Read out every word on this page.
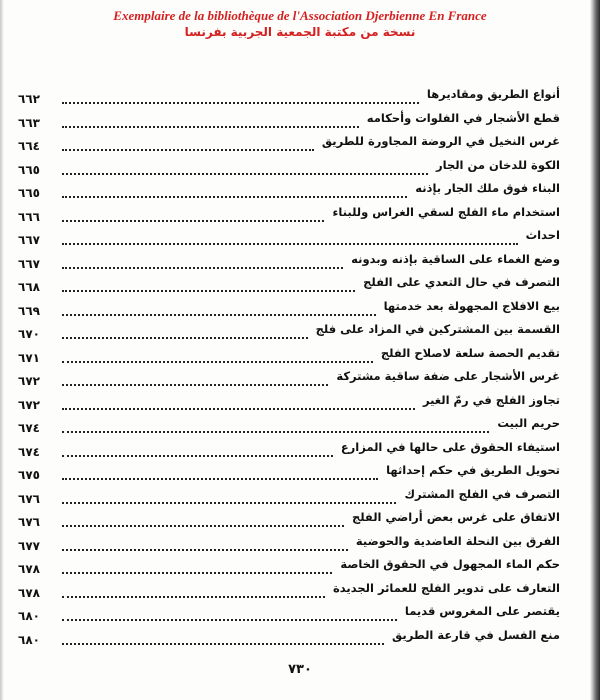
Exemplaire de la bibliothèque de l'Association Djerbienne En France
نسخة من مكتبة الجمعية الجربية بفرنسا
٦٦٢	أنواع الطريق ومقاديرها
٦٦٣	قطع الأشجار في الفلوات وأحكامه
٦٦٤	غرس النخيل في الروضة المجاورة للطريق
٦٦٥	الكوة للدخان من الجار
٦٦٥	البناء فوق ملك الجار بإذنه
٦٦٦	استخدام ماء الفلج لسقي الغراس وللبناء
٦٦٧	احداث
٦٦٧	وضع الغماء على الساقية بإذنه وبدونه
٦٦٨	التصرف في حال التعدي على الفلج
٦٦٩	بيع الافلاج المجهولة بعد خدمتها
٦٧٠	القسمة بين المشتركين في المزاد على فلج
٦٧١	تقديم الحصة سلعة لاصلاح الفلج
٦٧٢	غرس الأشجار على ضفة ساقية مشتركة
٦٧٢	تجاوز الفلج في رمّ الغير
٦٧٤	حريم البيت
٦٧٤	استيفاء الحقوق على حالها في المزارع
٦٧٥	تحويل الطريق في حكم إحداثها
٦٧٦	التصرف في الفلج المشترك
٦٧٦	الاتفاق على غرس بعض أراضي الفلج
٦٧٧	الفرق بين النحلة العاضدية والحوضية
٦٧٨	حكم الماء المجهول في الحقوق الخاصة
٦٧٨	التعارف على تدوير الفلج للعمائر الجديدة
٦٨٠	يقتصر على المغروس قديما
٦٨٠	منع الفسل في قارعة الطريق
٧٣٠
